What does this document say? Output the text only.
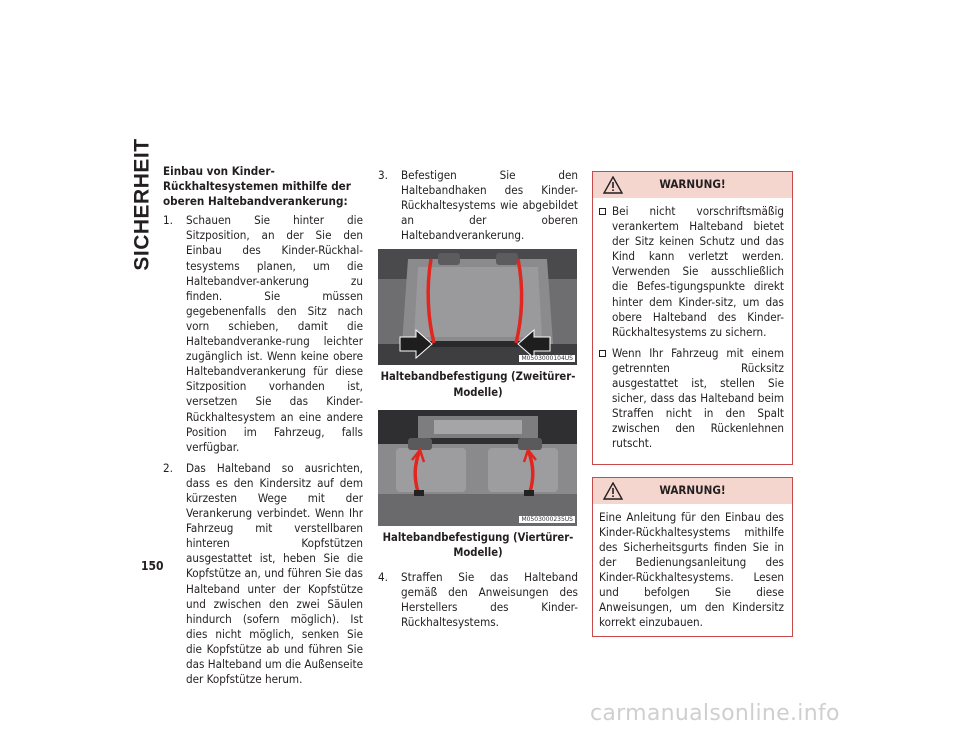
SICHERHEIT
150

Einbau von Kinder-Rückhaltesystemen mithilfe der oberen Haltebandverankerung:

1.	Schauen Sie hinter die Sitzposition, an der Sie den Einbau des Kinder-Rückhal-tesystems planen, um die Haltebandver-ankerung zu finden. Sie müssen gegebenenfalls den Sitz nach vorn schieben, damit die Haltebandveranke-rung leichter zugänglich ist. Wenn keine obere Haltebandverankerung für diese Sitzposition vorhanden ist, versetzen Sie das Kinder-Rückhaltesystem an eine andere Position im Fahrzeug, falls verfügbar.
2.	Das Halteband so ausrichten, dass es den Kindersitz auf dem kürzesten Wege mit der Verankerung verbindet. Wenn Ihr Fahrzeug mit verstellbaren hinteren Kopfstützen ausgestattet ist, heben Sie die Kopfstütze an, und führen Sie das Halteband unter der Kopfstütze und zwischen den zwei Säulen hindurch (sofern möglich). Ist dies nicht möglich, senken Sie die Kopfstütze ab und führen Sie das Halteband um die Außenseite der Kopfstütze herum.
3.	Befestigen Sie den Haltebandhaken des Kinder-Rückhaltesystems wie abgebildet an der oberen Haltebandverankerung.
M0503000104US
Haltebandbefestigung (Zweitürer-Modelle)
M0503000235US
Haltebandbefestigung (Viertürer-Modelle)
4.	Straffen Sie das Halteband gemäß den Anweisungen des Herstellers des Kinder-Rückhaltesystems.
WARNUNG!
Bei nicht vorschriftsmäßig verankertem Halteband bietet der Sitz keinen Schutz und das Kind kann verletzt werden. Verwenden Sie ausschließlich die Befes-tigungspunkte direkt hinter dem Kinder-sitz, um das obere Halteband des Kinder-Rückhaltesystems zu sichern.
Wenn Ihr Fahrzeug mit einem getrennten Rücksitz ausgestattet ist, stellen Sie sicher, dass das Halteband beim Straffen nicht in den Spalt zwischen den Rückenlehnen rutscht.
WARNUNG!
Eine Anleitung für den Einbau des Kinder-Rückhaltesystems mithilfe des Sicherheitsgurts finden Sie in der Bedienungsanleitung des Kinder-Rückhaltesystems. Lesen und befolgen Sie diese Anweisungen, um den Kindersitz korrekt einzubauen.
carmanualsonline.info
